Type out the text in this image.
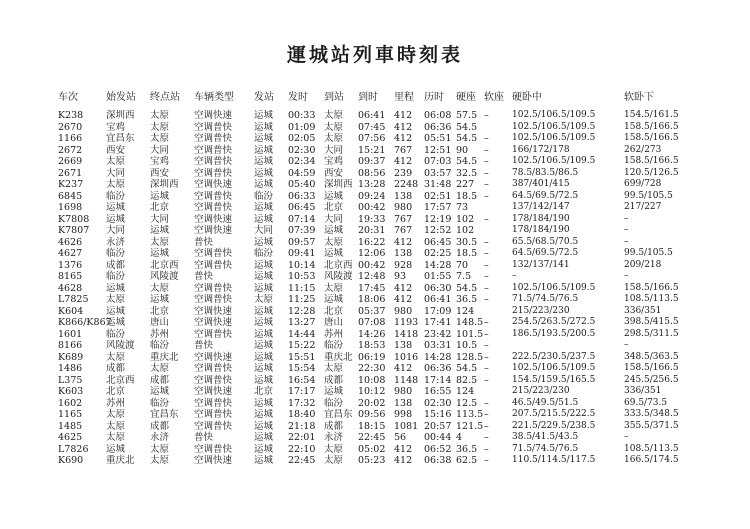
運城站列車時刻表
车次	始发站	终点站	车辆类型	发站	发时	到站	到时	里程	历时	硬座	软座	硬卧中	软卧下
K238	深圳西	太原	空调快速	运城	00:33	太原	06:41	412	06:08	57.5	–	102.5/106.5/109.5	154.5/161.5
2670	宝鸡	太原	空调普快	运城	01:09	太原	07:45	412	06:36	54.5		102.5/106.5/109.5	158.5/166.5
1166	宜昌东	太原	空调普快	运城	02:05	太原	07:56	412	05:51	54.5	–	102.5/106.5/109.5	158.5/166.5
2672	西安	大同	空调普快	运城	02:30	大同	15:21	767	12:51	90	–	166/172/178	262/273
2669	太原	宝鸡	空调普快	运城	02:34	宝鸡	09:37	412	07:03	54.5	–	102.5/106.5/109.5	158.5/166.5
2671	大同	西安	空调普快	运城	04:59	西安	08:56	239	03:57	32.5	–	78.5/83.5/86.5	120.5/126.5
K237	太原	深圳西	空调快速	运城	05:40	深圳西	13:28	2248	31:48	227	–	387/401/415	699/728
6845	临汾	运城	空调普快	临汾	06:33	运城	09:24	138	02:51	18.5	–	64.5/69.5/72.5	99.5/105.5
1698	运城	北京	空调普快	运城	06:45	北京	00:42	980	17:57	73		137/142/147	217/227
K7808	运城	大同	空调快速	运城	07:14	大同	19:33	767	12:19	102	–	178/184/190	–
K7807	大同	运城	空调快速	大同	07:39	运城	20:31	767	12:52	102		178/184/190	–
4626	永济	太原	普快	运城	09:57	太原	16:22	412	06:45	30.5	–	65.5/68.5/70.5	–
4627	临汾	运城	空调普快	临汾	09:41	运城	12:06	138	02:25	18.5	–	64.5/69.5/72.5	99.5/105.5
1376	成都	北京西	空调普快	运城	10:14	北京西	00:42	928	14:28	70	–	132/137/141	209/218
8165	临汾	风陵渡	普快	运城	10:53	风陵渡	12:48	93	01:55	7.5	–	–	–
4628	运城	太原	空调普快	运城	11:15	太原	17:45	412	06:30	54.5	–	102.5/106.5/109.5	158.5/166.5
L7825	太原	运城	空调普快	太原	11:25	运城	18:06	412	06:41	36.5	–	71.5/74.5/76.5	108.5/113.5
K604	运城	北京	空调快速	运城	12:28	北京	05:37	980	17:09	124		215/223/230	336/351
K866/K867	运城	唐山	空调快速	运城	13:27	唐山	07:08	1193	17:41	148.5	–	254.5/263.5/272.5	398.5/415.5
1601	临汾	苏州	空调普快	运城	14:44	苏州	14:26	1418	23:42	101.5	–	186.5/193.5/200.5	298.5/311.5
8166	风陵渡	临汾	普快	运城	15:22	临汾	18:53	138	03:31	10.5	–		–
K689	太原	重庆北	空调快速	运城	15:51	重庆北	06:19	1016	14:28	128.5	–	222.5/230.5/237.5	348.5/363.5
1486	成都	太原	空调普快	运城	15:54	太原	22:30	412	06:36	54.5	–	102.5/106.5/109.5	158.5/166.5
L375	北京西	成都	空调普快	运城	16:54	成都	10:08	1148	17:14	82.5	–	154.5/159.5/165.5	245.5/256.5
K603	北京	运城	空调快速	北京	17:17	运城	10:12	980	16:55	124		215/223/230	336/351
1602	苏州	临汾	空调普快	运城	17:32	临汾	20:02	138	02:30	12.5	–	46.5/49.5/51.5	69.5/73.5
1165	太原	宜昌东	空调普快	运城	18:40	宜昌东	09:56	998	15:16	113.5	–	207.5/215.5/222.5	333.5/348.5
1485	太原	成都	空调普快	运城	21:18	成都	18:15	1081	20:57	121.5	–	221.5/229.5/238.5	355.5/371.5
4625	太原	永济	普快	运城	22:01	永济	22:45	56	00:44	4	–	38.5/41.5/43.5	–
L7826	运城	太原	空调普快	运城	22:10	太原	05:02	412	06:52	36.5	–	71.5/74.5/76.5	108.5/113.5
K690	重庆北	太原	空调快速	运城	22:45	太原	05:23	412	06:38	62.5	–	110.5/114.5/117.5	166.5/174.5
